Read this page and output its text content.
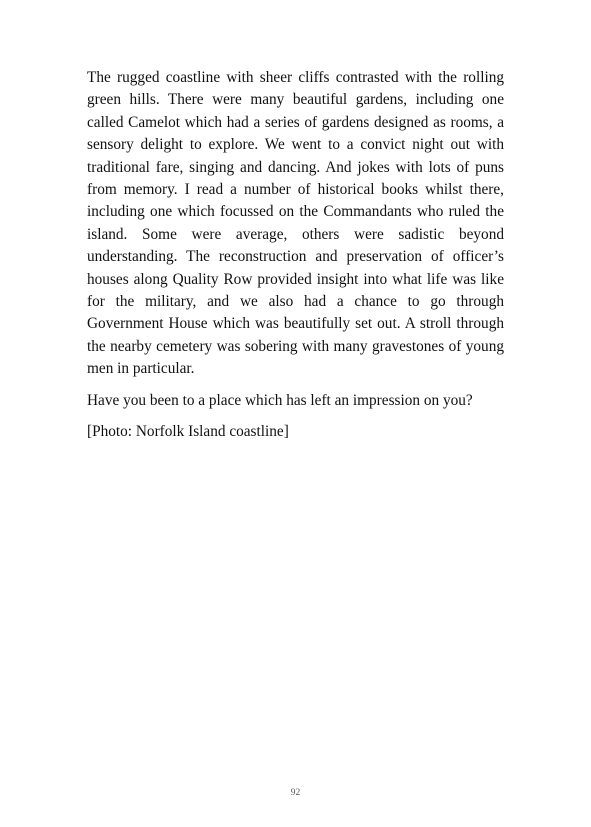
The rugged coastline with sheer cliffs contrasted with the rolling green hills. There were many beautiful gardens, including one called Camelot which had a series of gardens designed as rooms, a sensory delight to explore. We went to a convict night out with traditional fare, singing and dancing. And jokes with lots of puns from memory. I read a number of historical books whilst there, including one which focussed on the Commandants who ruled the island. Some were average, others were sadistic beyond understanding. The reconstruction and preservation of officer’s houses along Quality Row provided insight into what life was like for the military, and we also had a chance to go through Government House which was beautifully set out. A stroll through the nearby cemetery was sobering with many gravestones of young men in particular.

Have you been to a place which has left an impression on you?

[Photo: Norfolk Island coastline]

92
